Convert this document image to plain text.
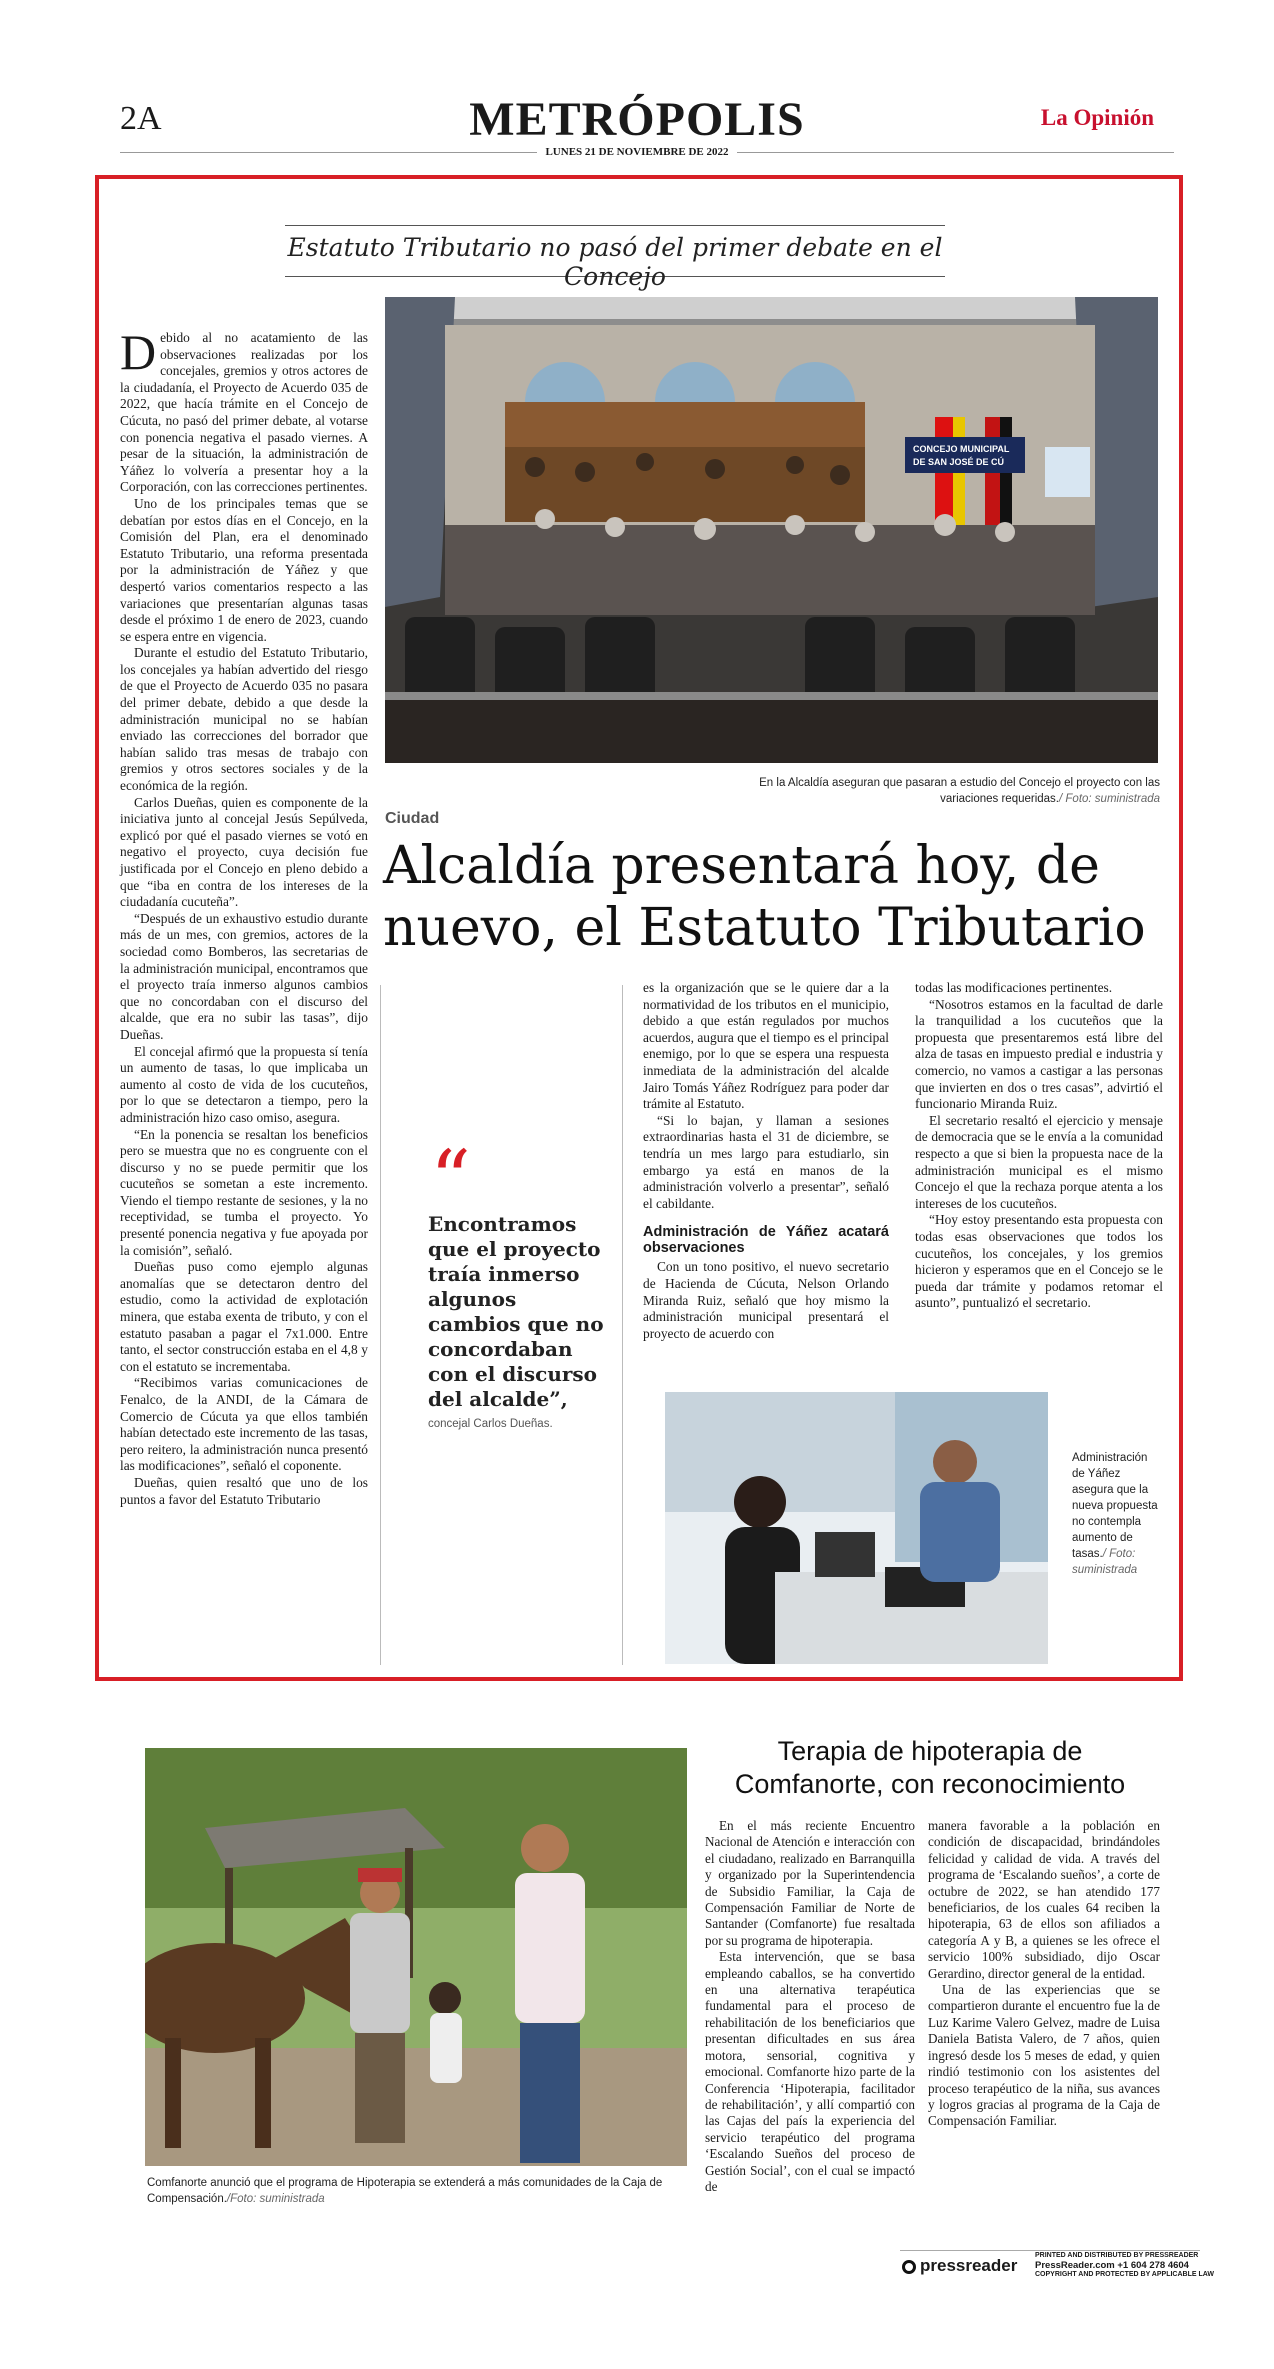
2A	METRÓPOLIS	La Opinión
LUNES 21 DE NOVIEMBRE DE 2022
Estatuto Tributario no pasó del primer debate en el Concejo
CONCEJO MUNICIPAL
DE SAN JOSÉ DE CÚ
En la Alcaldía aseguran que pasaran a estudio del Concejo el proyecto con las variaciones requeridas./ Foto: suministrada
Ciudad
Alcaldía presentará hoy, de nuevo, el Estatuto Tributario

Debido al no acatamiento de las observaciones realizadas por los concejales, gremios y otros actores de la ciudadanía, el Proyecto de Acuerdo 035 de 2022, que hacía trámite en el Concejo de Cúcuta, no pasó del primer debate, al votarse con ponencia negativa el pasado viernes. A pesar de la situación, la administración de Yáñez lo volvería a presentar hoy a la Corporación, con las correcciones pertinentes.

Uno de los principales temas que se debatían por estos días en el Concejo, en la Comisión del Plan, era el denominado Estatuto Tributario, una reforma presentada por la administración de Yáñez y que despertó varios comentarios respecto a las variaciones que presentarían algunas tasas desde el próximo 1 de enero de 2023, cuando se espera entre en vigencia.

Durante el estudio del Estatuto Tributario, los concejales ya habían advertido del riesgo de que el Proyecto de Acuerdo 035 no pasara del primer debate, debido a que desde la administración municipal no se habían enviado las correcciones del borrador que habían salido tras mesas de trabajo con gremios y otros sectores sociales y de la económica de la región.

Carlos Dueñas, quien es componente de la iniciativa junto al concejal Jesús Sepúlveda, explicó por qué el pasado viernes se votó en negativo el proyecto, cuya decisión fue justificada por el Concejo en pleno debido a que “iba en contra de los intereses de la ciudadanía cucuteña”.

“Después de un exhaustivo estudio durante más de un mes, con gremios, actores de la sociedad como Bomberos, las secretarias de la administración municipal, encontramos que el proyecto traía inmerso algunos cambios que no concordaban con el discurso del alcalde, que era no subir las tasas”, dijo Dueñas.

El concejal afirmó que la propuesta sí tenía un aumento de tasas, lo que implicaba un aumento al costo de vida de los cucuteños, por lo que se detectaron a tiempo, pero la administración hizo caso omiso, asegura.

“En la ponencia se resaltan los beneficios pero se muestra que no es congruente con el discurso y no se puede permitir que los cucuteños se sometan a este incremento. Viendo el tiempo restante de sesiones, y la no receptividad, se tumba el proyecto. Yo presenté ponencia negativa y fue apoyada por la comisión”, señaló.

Dueñas puso como ejemplo algunas anomalías que se detectaron dentro del estudio, como la actividad de explotación minera, que estaba exenta de tributo, y con el estatuto pasaban a pagar el 7x1.000. Entre tanto, el sector construcción estaba en el 4,8 y con el estatuto se incrementaba.

“Recibimos varias comunicaciones de Fenalco, de la ANDI, de la Cámara de Comercio de Cúcuta ya que ellos también habían detectado este incremento de las tasas, pero reitero, la administración nunca presentó las modificaciones”, señaló el coponente.

Dueñas, quien resaltó que uno de los puntos a favor del Estatuto Tributario

“
Encontramos que el proyecto traía inmerso algunos cambios que no concordaban con el discurso del alcalde”,
concejal Carlos Dueñas.

es la organización que se le quiere dar a la normatividad de los tributos en el municipio, debido a que están regulados por muchos acuerdos, augura que el tiempo es el principal enemigo, por lo que se espera una respuesta inmediata de la administración del alcalde Jairo Tomás Yáñez Rodríguez para poder dar trámite al Estatuto.

“Si lo bajan, y llaman a sesiones extraordinarias hasta el 31 de diciembre, se tendría un mes largo para estudiarlo, sin embargo ya está en manos de la administración volverlo a presentar”, señaló el cabildante.

Administración de Yáñez acatará observaciones

Con un tono positivo, el nuevo secretario de Hacienda de Cúcuta, Nelson Orlando Miranda Ruiz, señaló que hoy mismo la administración municipal presentará el proyecto de acuerdo con

todas las modificaciones pertinentes.

“Nosotros estamos en la facultad de darle la tranquilidad a los cucuteños que la propuesta que presentaremos está libre del alza de tasas en impuesto predial e industria y comercio, no vamos a castigar a las personas que invierten en dos o tres casas”, advirtió el funcionario Miranda Ruiz.

El secretario resaltó el ejercicio y mensaje de democracia que se le envía a la comunidad respecto a que si bien la propuesta nace de la administración municipal es el mismo Concejo el que la rechaza porque atenta a los intereses de los cucuteños.

“Hoy estoy presentando esta propuesta con todas esas observaciones que todos los cucuteños, los concejales, y los gremios hicieron y esperamos que en el Concejo se le pueda dar trámite y podamos retomar el asunto”, puntualizó el secretario.

Administración de Yáñez asegura que la nueva propuesta no contempla aumento de tasas./ Foto: suministrada
Comfanorte anunció que el programa de Hipoterapia se extenderá a más comunidades de la Caja de Compensación./Foto: suministrada
Terapia de hipoterapia de Comfanorte, con reconocimiento

En el más reciente Encuentro Nacional de Atención e interacción con el ciudadano, realizado en Barranquilla y organizado por la Superintendencia de Subsidio Familiar, la Caja de Compensación Familiar de Norte de Santander (Comfanorte) fue resaltada por su programa de hipoterapia.

Esta intervención, que se basa empleando caballos, se ha convertido en una alternativa terapéutica fundamental para el proceso de rehabilitación de los beneficiarios que presentan dificultades en sus área motora, sensorial, cognitiva y emocional. Comfanorte hizo parte de la Conferencia ‘Hipoterapia, facilitador de rehabilitación’, y allí compartió con las Cajas del país la experiencia del servicio terapéutico del programa ‘Escalando Sueños del proceso de Gestión Social’, con el cual se impactó de

manera favorable a la población en condición de discapacidad, brindándoles felicidad y calidad de vida. A través del programa de ‘Escalando sueños’, a corte de octubre de 2022, se han atendido 177 beneficiarios, de los cuales 64 reciben la hipoterapia, 63 de ellos son afiliados a categoría A y B, a quienes se les ofrece el servicio 100% subsidiado, dijo Oscar Gerardino, director general de la entidad.

Una de las experiencias que se compartieron durante el encuentro fue la de Luz Karime Valero Gelvez, madre de Luisa Daniela Batista Valero, de 7 años, quien ingresó desde los 5 meses de edad, y quien rindió testimonio con los asistentes del proceso terapéutico de la niña, sus avances y logros gracias al programa de la Caja de Compensación Familiar.

pressreader
PRINTED AND DISTRIBUTED BY PRESSREADER
PressReader.com +1 604 278 4604
COPYRIGHT AND PROTECTED BY APPLICABLE LAW
